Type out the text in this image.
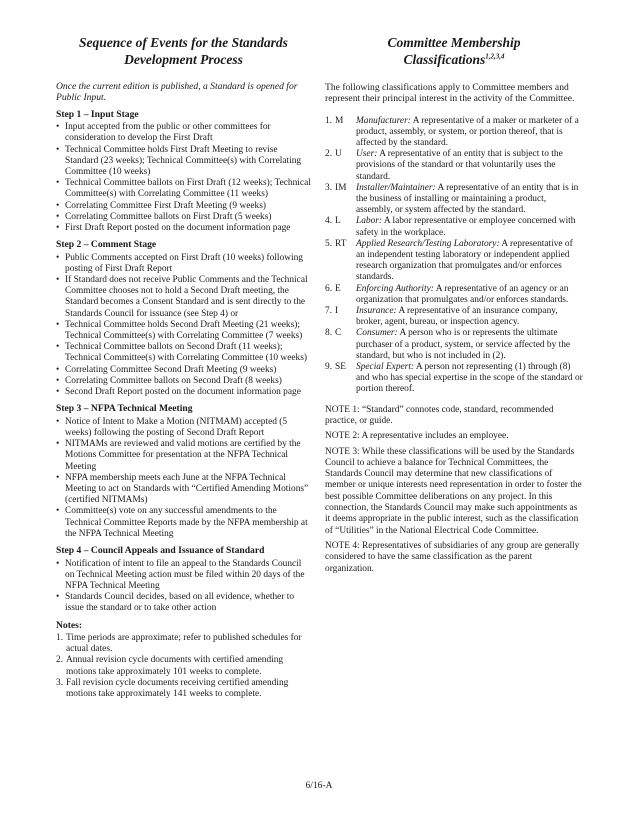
Sequence of Events for the Standards
Development Process

Once the current edition is published, a Standard is opened for Public Input.

Step 1 – Input Stage
• Input accepted from the public or other committees for consideration to develop the First Draft
• Technical Committee holds First Draft Meeting to revise Standard (23 weeks); Technical Committee(s) with Correlating Committee (10 weeks)
• Technical Committee ballots on First Draft (12 weeks); Technical Committee(s) with Correlating Committee (11 weeks)
• Correlating Committee First Draft Meeting (9 weeks)
• Correlating Committee ballots on First Draft (5 weeks)
• First Draft Report posted on the document information page
Step 2 – Comment Stage
• Public Comments accepted on First Draft (10 weeks) following posting of First Draft Report
• If Standard does not receive Public Comments and the Technical Committee chooses not to hold a Second Draft meeting, the Standard becomes a Consent Standard and is sent directly to the Standards Council for issuance (see Step 4) or
• Technical Committee holds Second Draft Meeting (21 weeks); Technical Committee(s) with Correlating Committee (7 weeks)
• Technical Committee ballots on Second Draft (11 weeks); Technical Committee(s) with Correlating Committee (10 weeks)
• Correlating Committee Second Draft Meeting (9 weeks)
• Correlating Committee ballots on Second Draft (8 weeks)
• Second Draft Report posted on the document information page
Step 3 – NFPA Technical Meeting
• Notice of Intent to Make a Motion (NITMAM) accepted (5 weeks) following the posting of Second Draft Report
• NITMAMs are reviewed and valid motions are certified by the Motions Committee for presentation at the NFPA Technical Meeting
• NFPA membership meets each June at the NFPA Technical Meeting to act on Standards with “Certified Amending Motions” (certified NITMAMs)
• Committee(s) vote on any successful amendments to the Technical Committee Reports made by the NFPA membership at the NFPA Technical Meeting
Step 4 – Council Appeals and Issuance of Standard
• Notification of intent to file an appeal to the Standards Council on Technical Meeting action must be filed within 20 days of the NFPA Technical Meeting
• Standards Council decides, based on all evidence, whether to issue the standard or to take other action
Notes:
1. Time periods are approximate; refer to published schedules for actual dates.
2. Annual revision cycle documents with certified amending motions take approximately 101 weeks to complete.
3. Fall revision cycle documents receiving certified amending motions take approximately 141 weeks to complete.
Committee Membership
Classifications$^{1,2,3,4}$

The following classifications apply to Committee members and represent their principal interest in the activity of the Committee.

1. M Manufacturer: A representative of a maker or marketer of a product, assembly, or system, or portion thereof, that is affected by the standard.
2. U User: A representative of an entity that is subject to the provisions of the standard or that voluntarily uses the standard.
3. IM Installer/Maintainer: A representative of an entity that is in the business of installing or maintaining a product, assembly, or system affected by the standard.
4. L Labor: A labor representative or employee concerned with safety in the workplace.
5. RT Applied Research/Testing Laboratory: A representative of an independent testing laboratory or independent applied research organization that promulgates and/or enforces standards.
6. E Enforcing Authority: A representative of an agency or an organization that promulgates and/or enforces standards.
7. I Insurance: A representative of an insurance company, broker, agent, bureau, or inspection agency.
8. C Consumer: A person who is or represents the ultimate purchaser of a product, system, or service affected by the standard, but who is not included in (2).
9. SE Special Expert: A person not representing (1) through (8) and who has special expertise in the scope of the standard or portion thereof.

NOTE 1: “Standard” connotes code, standard, recommended practice, or guide.

NOTE 2: A representative includes an employee.

NOTE 3: While these classifications will be used by the Standards Council to achieve a balance for Technical Committees, the Standards Council may determine that new classifications of member or unique interests need representation in order to foster the best possible Committee deliberations on any project. In this connection, the Standards Council may make such appointments as it deems appropriate in the public interest, such as the classification of “Utilities” in the National Electrical Code Committee.

NOTE 4: Representatives of subsidiaries of any group are generally considered to have the same classification as the parent organization.

6/16-A
